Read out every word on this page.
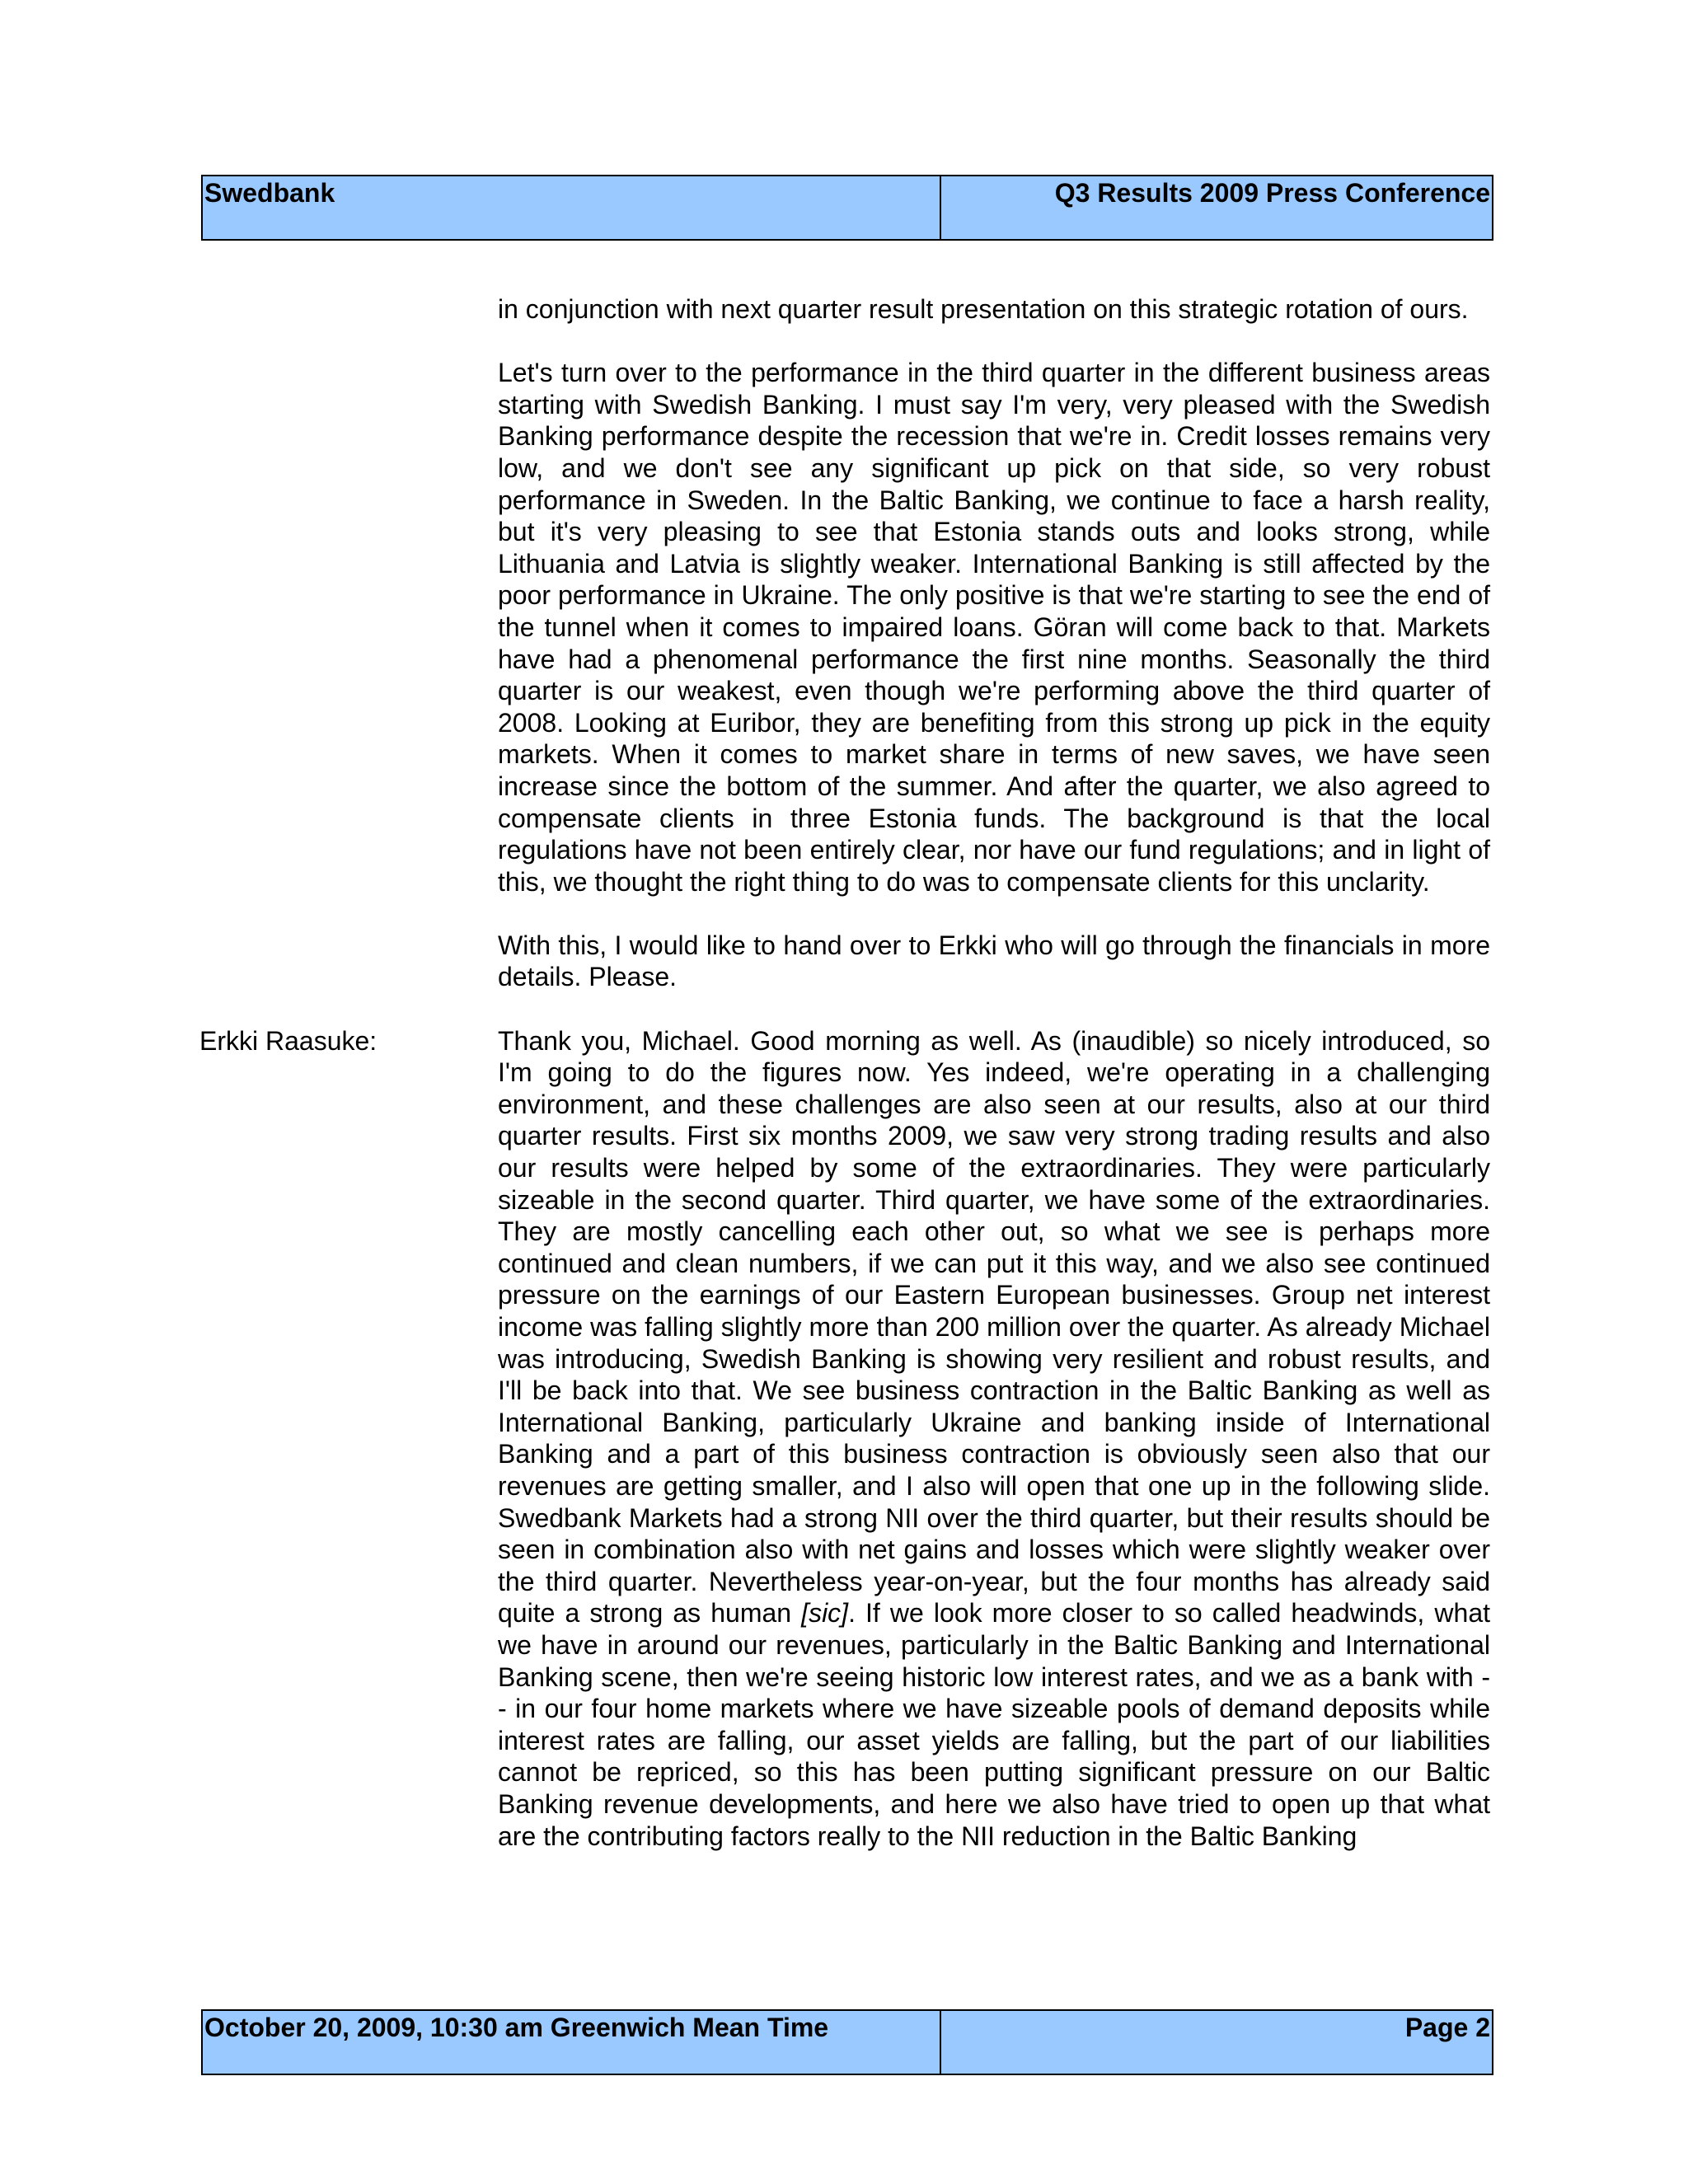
Swedbank	Q3 Results 2009 Press Conference

in conjunction with next quarter result presentation on this strategic rotation of ours.

Let's turn over to the performance in the third quarter in the different business areas starting with Swedish Banking. I must say I'm very, very pleased with the Swedish Banking performance despite the recession that we're in. Credit losses remains very low, and we don't see any significant up pick on that side, so very robust performance in Sweden. In the Baltic Banking, we continue to face a harsh reality, but it's very pleasing to see that Estonia stands outs and looks strong, while Lithuania and Latvia is slightly weaker. International Banking is still affected by the poor performance in Ukraine. The only positive is that we're starting to see the end of the tunnel when it comes to impaired loans. Göran will come back to that. Markets have had a phenomenal performance the first nine months. Seasonally the third quarter is our weakest, even though we're performing above the third quarter of 2008. Looking at Euribor, they are benefiting from this strong up pick in the equity markets. When it comes to market share in terms of new saves, we have seen increase since the bottom of the summer. And after the quarter, we also agreed to compensate clients in three Estonia funds. The background is that the local regulations have not been entirely clear, nor have our fund regulations; and in light of this, we thought the right thing to do was to compensate clients for this unclarity.

With this, I would like to hand over to Erkki who will go through the financials in more details. Please.

Erkki Raasuke:	Thank you, Michael. Good morning as well. As (inaudible) so nicely introduced, so I'm going to do the figures now. Yes indeed, we're operating in a challenging environment, and these challenges are also seen at our results, also at our third quarter results. First six months 2009, we saw very strong trading results and also our results were helped by some of the extraordinaries. They were particularly sizeable in the second quarter. Third quarter, we have some of the extraordinaries. They are mostly cancelling each other out, so what we see is perhaps more continued and clean numbers, if we can put it this way, and we also see continued pressure on the earnings of our Eastern European businesses. Group net interest income was falling slightly more than 200 million over the quarter. As already Michael was introducing, Swedish Banking is showing very resilient and robust results, and I'll be back into that. We see business contraction in the Baltic Banking as well as International Banking, particularly Ukraine and banking inside of International Banking and a part of this business contraction is obviously seen also that our revenues are getting smaller, and I also will open that one up in the following slide. Swedbank Markets had a strong NII over the third quarter, but their results should be seen in combination also with net gains and losses which were slightly weaker over the third quarter. Nevertheless year-on-year, but the four months has already said quite a strong as human [sic]. If we look more closer to so called headwinds, what we have in around our revenues, particularly in the Baltic Banking and International Banking scene, then we're seeing historic low interest rates, and we as a bank with - - in our four home markets where we have sizeable pools of demand deposits while interest rates are falling, our asset yields are falling, but the part of our liabilities cannot be repriced, so this has been putting significant pressure on our Baltic Banking revenue developments, and here we also have tried to open up that what are the contributing factors really to the NII reduction in the Baltic Banking

October 20, 2009, 10:30 am Greenwich Mean Time	Page 2
